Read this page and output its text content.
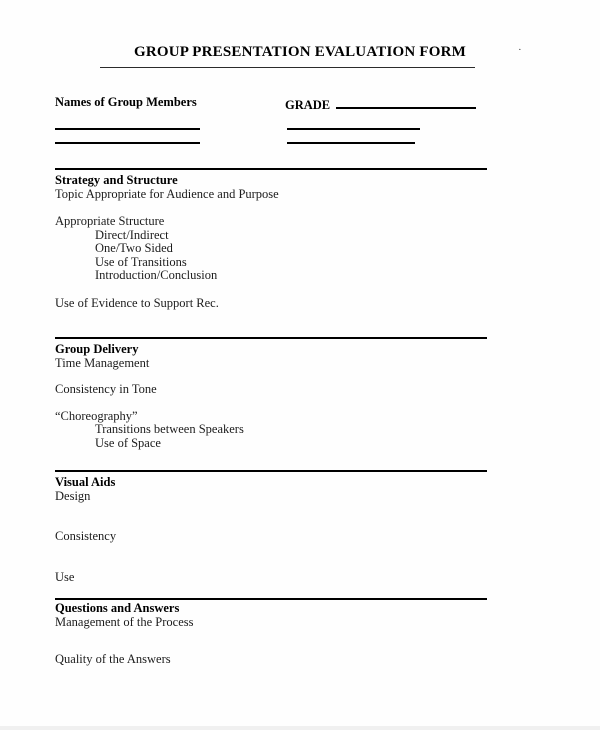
·
GROUP PRESENTATION EVALUATION FORM
Names of Group Members	GRADE
Strategy and Structure
Topic Appropriate for Audience and Purpose
Appropriate Structure
Direct/Indirect
One/Two Sided
Use of Transitions
Introduction/Conclusion
Use of Evidence to Support Rec.
Group Delivery
Time Management
Consistency in Tone
“Choreography”
Transitions between Speakers
Use of Space
Visual Aids
Design
Consistency
Use
Questions and Answers
Management of the Process
Quality of the Answers
